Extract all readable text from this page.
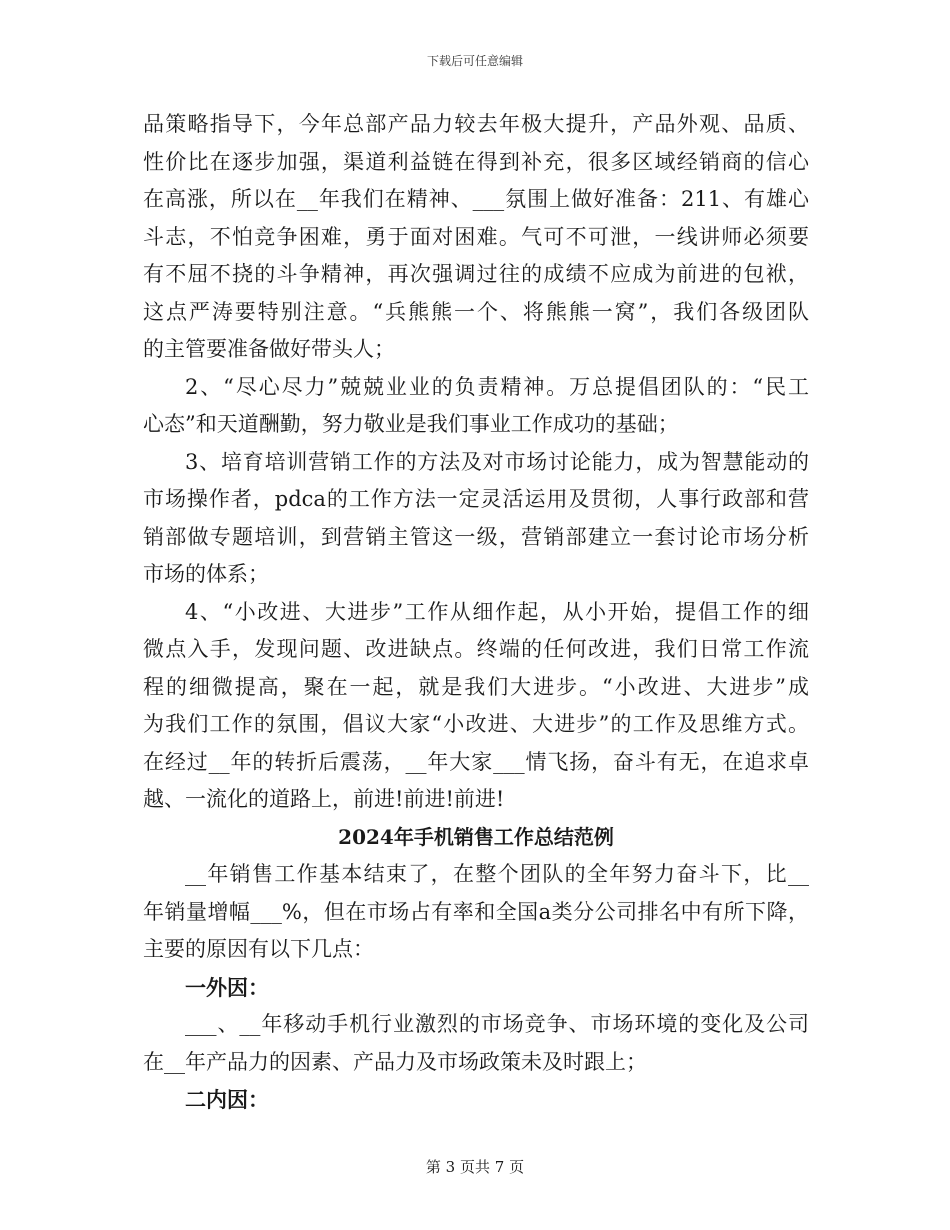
下载后可任意编辑
品策略指导下，今年总部产品力较去年极大提升，产品外观、品质、
性价比在逐步加强，渠道利益链在得到补充，很多区域经销商的信心
在高涨，所以在__年我们在精神、___氛围上做好准备：211、有雄心
斗志，不怕竞争困难，勇于面对困难。气可不可泄，一线讲师必须要
有不屈不挠的斗争精神，再次强调过往的成绩不应成为前进的包袱，
这点严涛要特别注意。“兵熊熊一个、将熊熊一窝”，我们各级团队
的主管要准备做好带头人；
2、“尽心尽力”兢兢业业的负责精神。万总提倡团队的：“民工
心态”和天道酬勤，努力敬业是我们事业工作成功的基础；
3、培育培训营销工作的方法及对市场讨论能力，成为智慧能动的
市场操作者，pdca的工作方法一定灵活运用及贯彻，人事行政部和营
销部做专题培训，到营销主管这一级，营销部建立一套讨论市场分析
市场的体系；
4、“小改进、大进步”工作从细作起，从小开始，提倡工作的细
微点入手，发现问题、改进缺点。终端的任何改进，我们日常工作流
程的细微提高，聚在一起，就是我们大进步。“小改进、大进步”成
为我们工作的氛围，倡议大家“小改进、大进步”的工作及思维方式。
在经过__年的转折后震荡，__年大家___情飞扬，奋斗有无，在追求卓
越、一流化的道路上，前进!前进!前进!
2024年手机销售工作总结范例
__年销售工作基本结束了，在整个团队的全年努力奋斗下，比__
年销量增幅___%，但在市场占有率和全国a类分公司排名中有所下降，
主要的原因有以下几点：
一外因：
___、__年移动手机行业激烈的市场竞争、市场环境的变化及公司
在__年产品力的因素、产品力及市场政策未及时跟上；
二内因：
第 3 页共 7 页
